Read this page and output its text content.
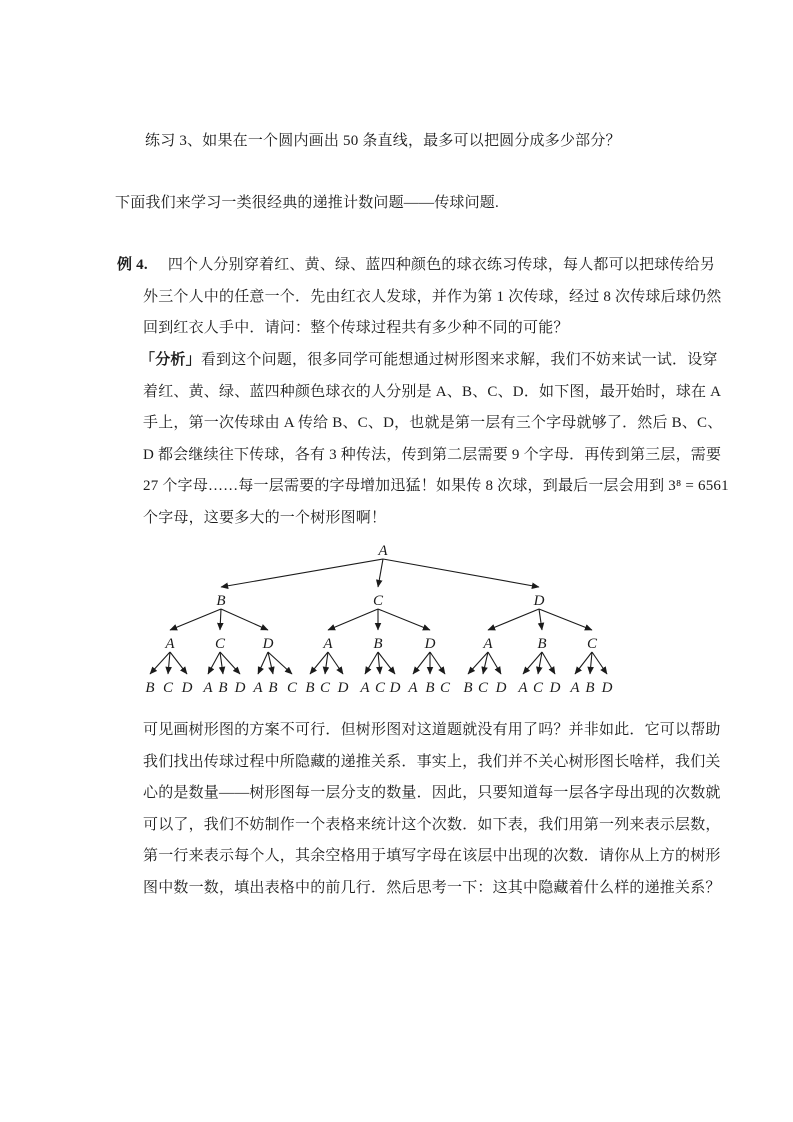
练习 3、如果在一个圆内画出 50 条直线，最多可以把圆分成多少部分？
下面我们来学习一类很经典的递推计数问题——传球问题.
例 4. 四个人分别穿着红、黄、绿、蓝四种颜色的球衣练习传球，每人都可以把球传给另
外三个人中的任意一个．先由红衣人发球，并作为第 1 次传球，经过 8 次传球后球仍然
回到红衣人手中．请问：整个传球过程共有多少种不同的可能？
「分析」看到这个问题，很多同学可能想通过树形图来求解，我们不妨来试一试．设穿
着红、黄、绿、蓝四种颜色球衣的人分别是 A、B、C、D．如下图，最开始时，球在 A
手上，第一次传球由 A 传给 B、C、D，也就是第一层有三个字母就够了．然后 B、C、
D 都会继续往下传球，各有 3 种传法，传到第二层需要 9 个字母．再传到第三层，需要
27 个字母……每一层需要的字母增加迅猛！如果传 8 次球，到最后一层会用到 3⁸ = 6561
个字母，这要多大的一个树形图啊！
A
B	C	D
A	C	D	A	B	D	A	B	C
B C D A B D A B C B C D A C D A B C B C D A C D A B D
可见画树形图的方案不可行．但树形图对这道题就没有用了吗？并非如此．它可以帮助
我们找出传球过程中所隐藏的递推关系．事实上，我们并不关心树形图长啥样，我们关
心的是数量——树形图每一层分支的数量．因此，只要知道每一层各字母出现的次数就
可以了，我们不妨制作一个表格来统计这个次数．如下表，我们用第一列来表示层数，
第一行来表示每个人，其余空格用于填写字母在该层中出现的次数．请你从上方的树形
图中数一数，填出表格中的前几行．然后思考一下：这其中隐藏着什么样的递推关系？
